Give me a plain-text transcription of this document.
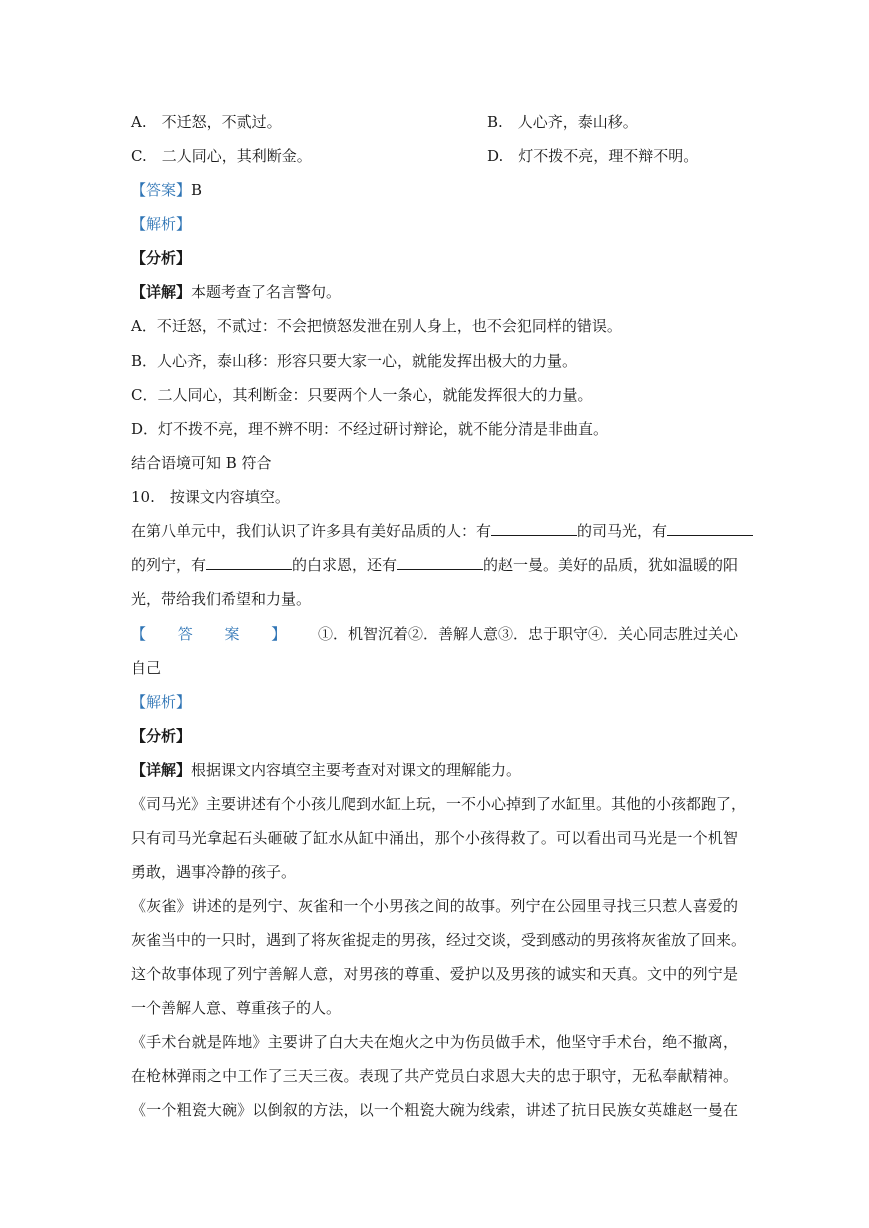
A.　不迁怒，不贰过。	B.　人心齐，泰山移。
C.　二人同心，其利断金。	D.　灯不拨不亮，理不辩不明。
【答案】B
【解析】
【分析】
【详解】本题考查了名言警句。
A．不迁怒，不贰过：不会把愤怒发泄在别人身上，也不会犯同样的错误。
B．人心齐，泰山移：形容只要大家一心，就能发挥出极大的力量。
C．二人同心，其利断金：只要两个人一条心，就能发挥很大的力量。
D．灯不拨不亮，理不辨不明：不经过研讨辩论，就不能分清是非曲直。
结合语境可知 B 符合
10.　按课文内容填空。
在第八单元中，我们认识了许多具有美好品质的人：有	的司马光，有
的列宁，有	的白求恩，还有	的赵一曼。美好的品质，犹如温暖的阳
光，带给我们希望和力量。
【答案】①．机智沉着②．善解人意③．忠于职守④．关心同志胜过关心
自己
【解析】
【分析】
【详解】根据课文内容填空主要考查对对课文的理解能力。
《司马光》主要讲述有个小孩儿爬到水缸上玩，一不小心掉到了水缸里。其他的小孩都跑了，
只有司马光拿起石头砸破了缸水从缸中涌出，那个小孩得救了。可以看出司马光是一个机智
勇敢，遇事冷静的孩子。
《灰雀》讲述的是列宁、灰雀和一个小男孩之间的故事。列宁在公园里寻找三只惹人喜爱的
灰雀当中的一只时，遇到了将灰雀捉走的男孩，经过交谈，受到感动的男孩将灰雀放了回来。
这个故事体现了列宁善解人意，对男孩的尊重、爱护以及男孩的诚实和天真。文中的列宁是
一个善解人意、尊重孩子的人。
《手术台就是阵地》主要讲了白大夫在炮火之中为伤员做手术，他坚守手术台，绝不撤离，
在枪林弹雨之中工作了三天三夜。表现了共产党员白求恩大夫的忠于职守，无私奉献精神。
《一个粗瓷大碗》以倒叙的方法，以一个粗瓷大碗为线索，讲述了抗日民族女英雄赵一曼在
